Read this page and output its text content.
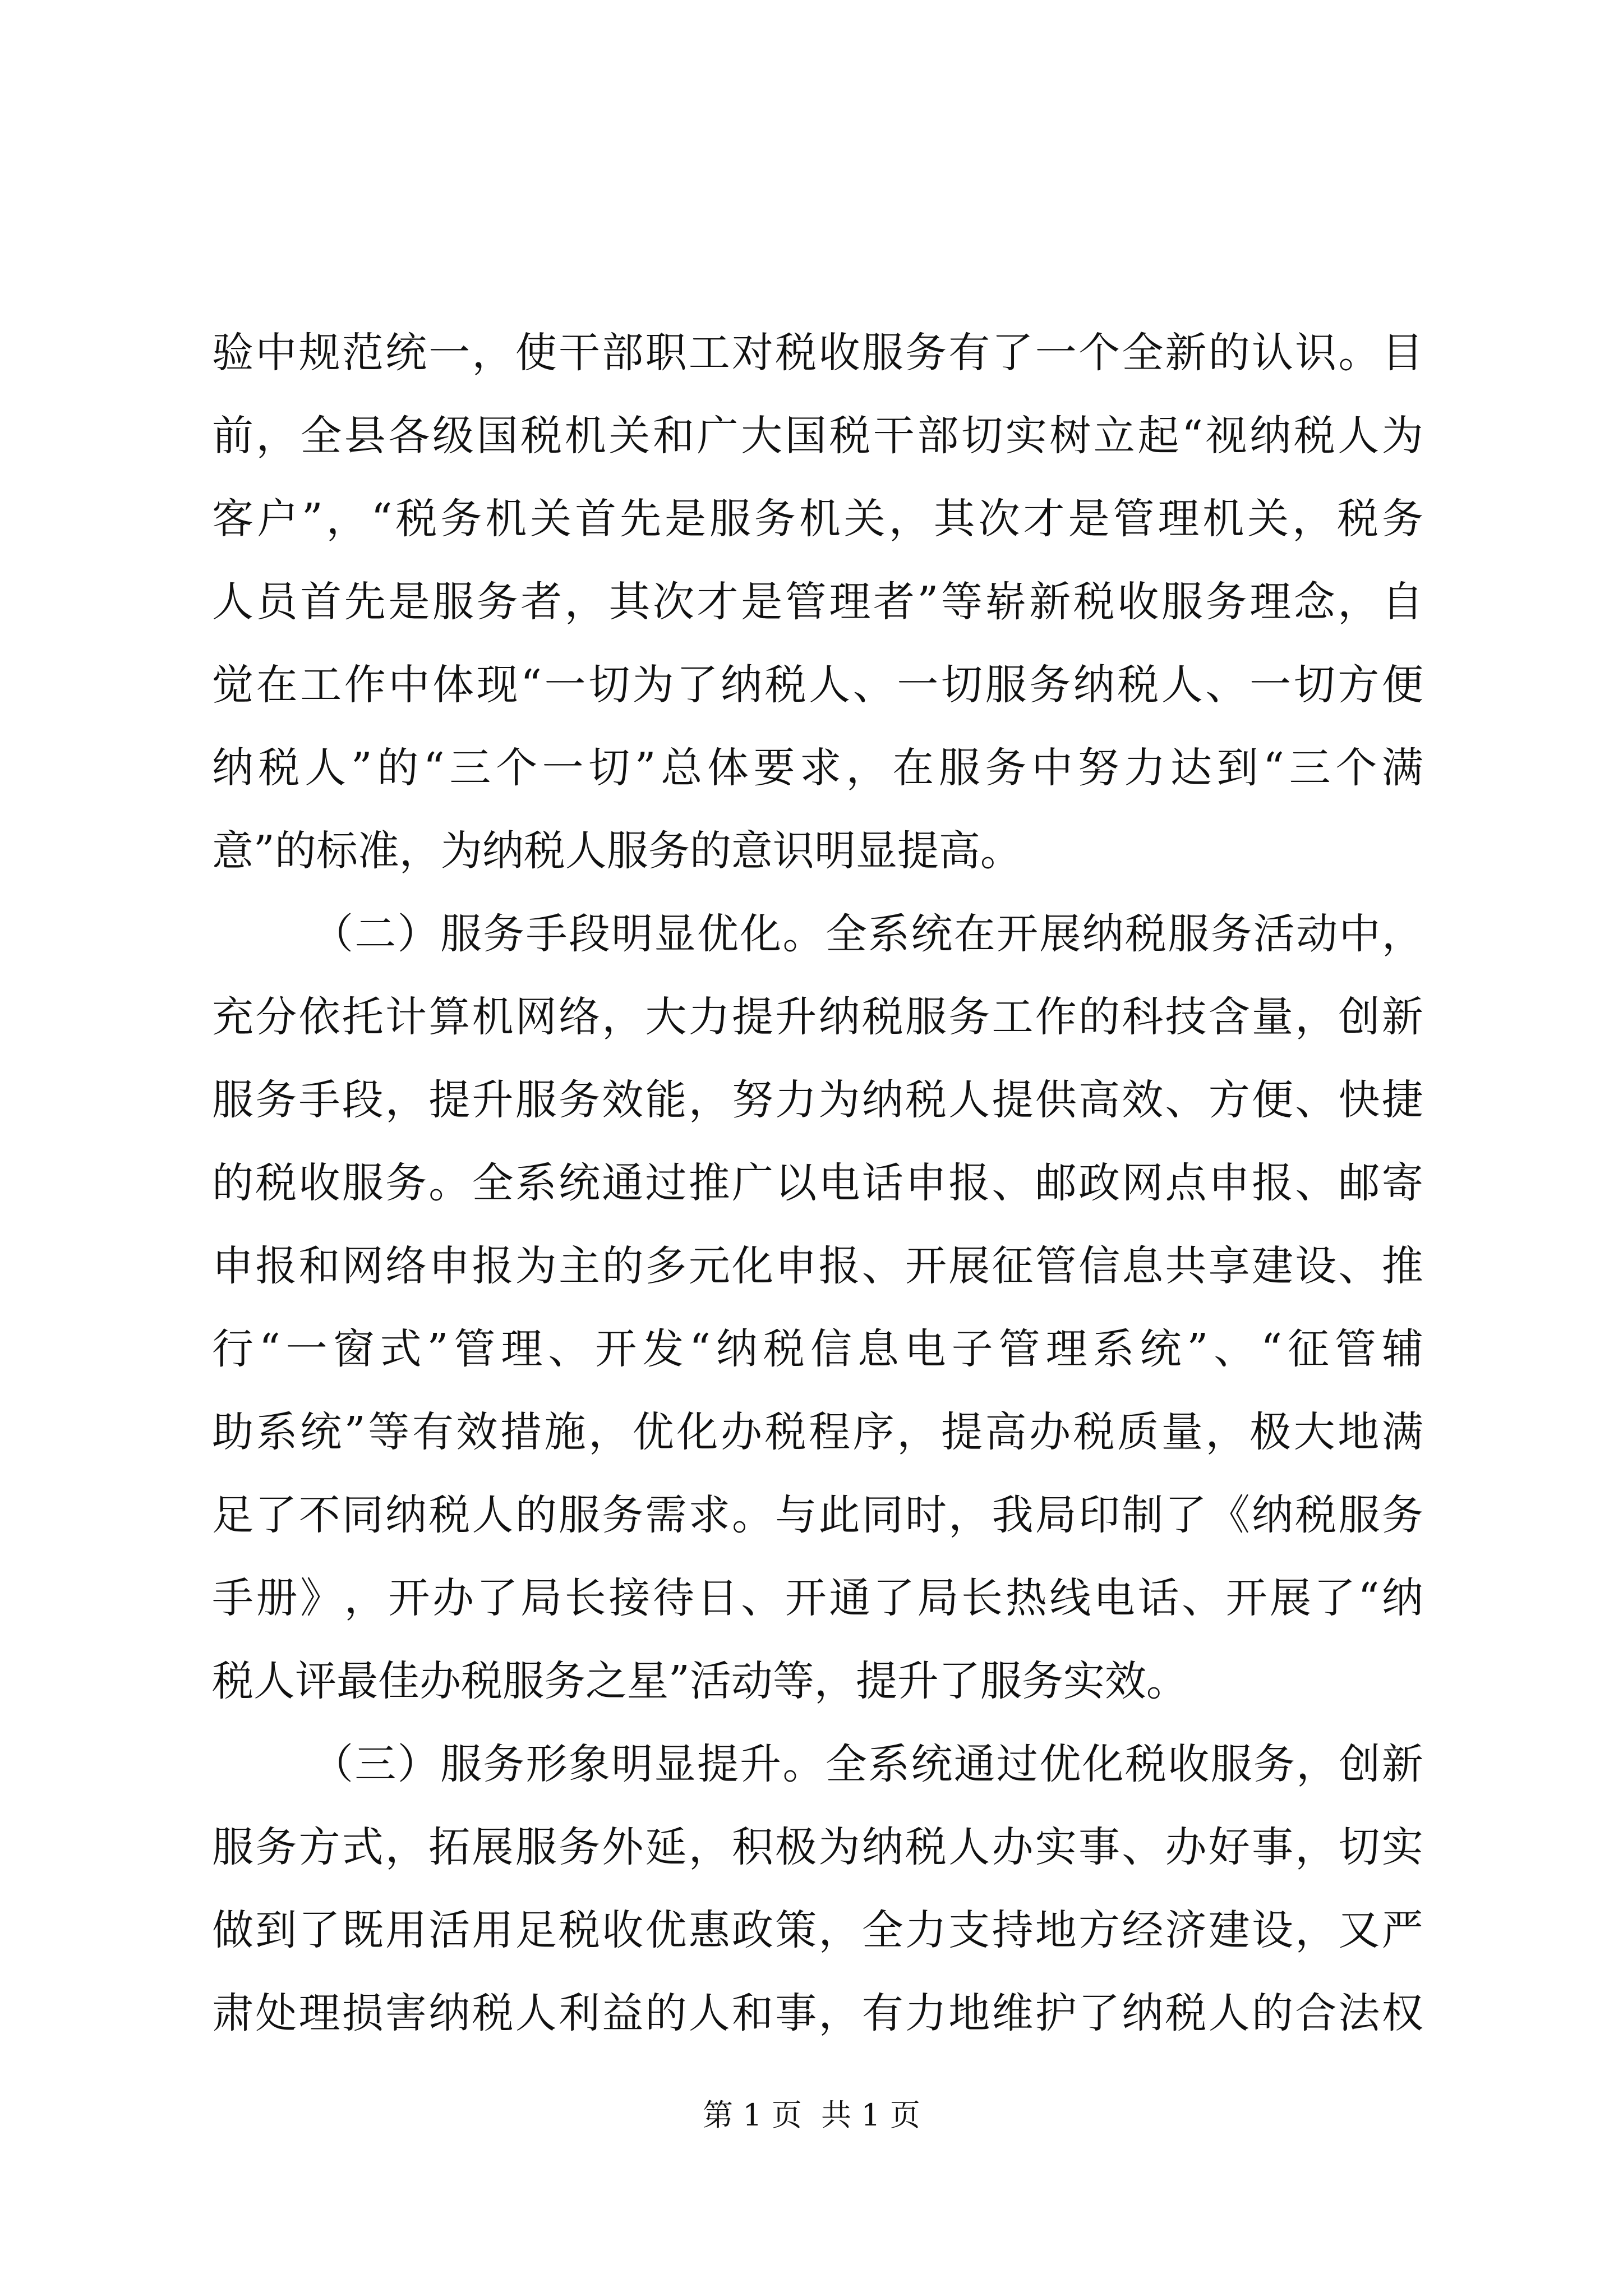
验 中 规 范 统 一 ， 使 干 部 职 工 对 税 收 服 务 有 了 一 个 全 新 的 认 识 。 目
前 ， 全 县 各 级 国 税 机 关 和 广 大 国 税 干 部 切 实 树 立 起 “ 视 纳 税 人 为
客 户 ” ， “ 税 务 机 关 首 先 是 服 务 机 关 ， 其 次 才 是 管 理 机 关 ， 税 务
人 员 首 先 是 服 务 者 ， 其 次 才 是 管 理 者 ” 等 崭 新 税 收 服 务 理 念 ， 自
觉 在 工 作 中 体 现 “ 一 切 为 了 纳 税 人 、 一 切 服 务 纳 税 人 、 一 切 方 便
纳 税 人 ” 的 “ 三 个 一 切 ” 总 体 要 求 ， 在 服 务 中 努 力 达 到 “ 三 个 满
意 ” 的 标 准 ， 为 纳 税 人 服 务 的 意 识 明 显 提 高 。
（ 二 ） 服 务 手 段 明 显 优 化 。 全 系 统 在 开 展 纳 税 服 务 活 动 中 ，
充 分 依 托 计 算 机 网 络 ， 大 力 提 升 纳 税 服 务 工 作 的 科 技 含 量 ， 创 新
服 务 手 段 ， 提 升 服 务 效 能 ， 努 力 为 纳 税 人 提 供 高 效 、 方 便 、 快 捷
的 税 收 服 务 。 全 系 统 通 过 推 广 以 电 话 申 报 、 邮 政 网 点 申 报 、 邮 寄
申 报 和 网 络 申 报 为 主 的 多 元 化 申 报 、 开 展 征 管 信 息 共 享 建 设 、 推
行 “ 一 窗 式 ” 管 理 、 开 发 “ 纳 税 信 息 电 子 管 理 系 统 ” 、 “ 征 管 辅
助 系 统 ” 等 有 效 措 施 ， 优 化 办 税 程 序 ， 提 高 办 税 质 量 ， 极 大 地 满
足 了 不 同 纳 税 人 的 服 务 需 求 。 与 此 同 时 ， 我 局 印 制 了 《 纳 税 服 务
手 册 》 ， 开 办 了 局 长 接 待 日 、 开 通 了 局 长 热 线 电 话 、 开 展 了 “ 纳
税 人 评 最 佳 办 税 服 务 之 星 ” 活 动 等 ， 提 升 了 服 务 实 效 。
（ 三 ） 服 务 形 象 明 显 提 升 。 全 系 统 通 过 优 化 税 收 服 务 ， 创 新
服 务 方 式 ， 拓 展 服 务 外 延 ， 积 极 为 纳 税 人 办 实 事 、 办 好 事 ， 切 实
做 到 了 既 用 活 用 足 税 收 优 惠 政 策 ， 全 力 支 持 地 方 经 济 建 设 ， 又 严
肃 处 理 损 害 纳 税 人 利 益 的 人 和 事 ， 有 力 地 维 护 了 纳 税 人 的 合 法 权
第 1 页  共 1 页
